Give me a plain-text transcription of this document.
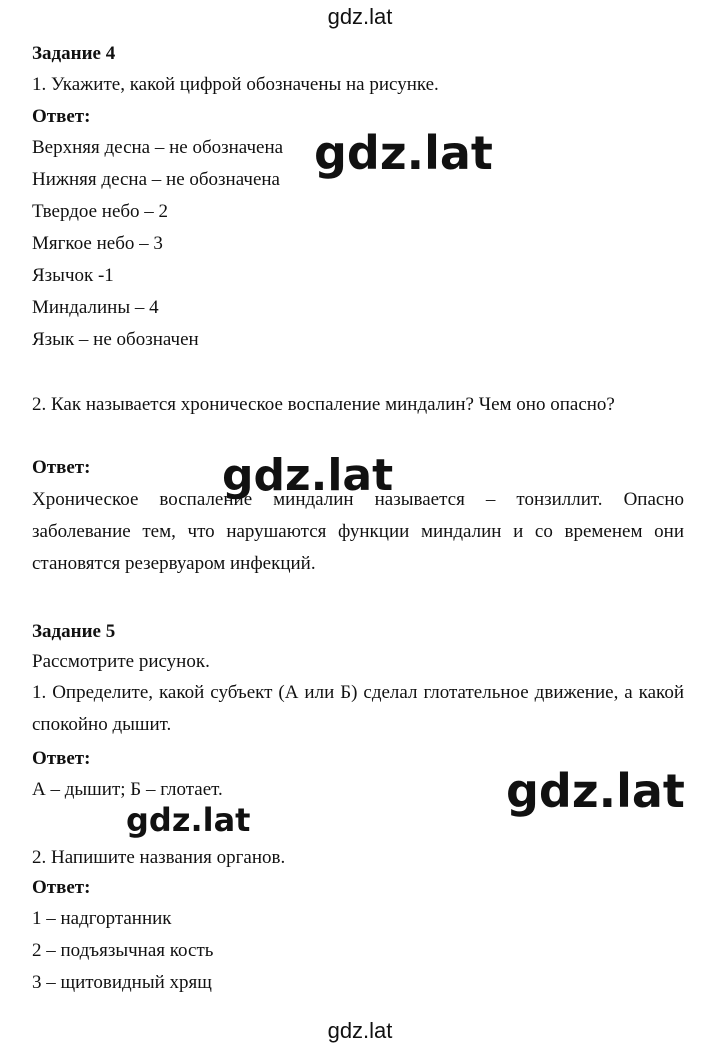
gdz.lat
Задание 4
1. Укажите, какой цифрой обозначены на рисунке.
Ответ:
Верхняя десна – не обозначена
Нижняя десна – не обозначена
Твердое небо – 2
Мягкое небо – 3
Язычок -1
Миндалины – 4
Язык – не обозначен
2. Как называется хроническое воспаление миндалин? Чем оно опасно?
Ответ:
Хроническое воспаление миндалин называется – тонзиллит. Опасно заболевание тем, что нарушаются функции миндалин и со временем они становятся резервуаром инфекций.
Задание 5
Рассмотрите рисунок.
1. Определите, какой субъект (А или Б) сделал глотательное движение, а какой спокойно дышит.
Ответ:
А – дышит; Б – глотает.
2. Напишите названия органов.
Ответ:
1 – надгортанник
2 – подъязычная кость
3 – щитовидный хрящ
gdz.lat
gdz.lat
gdz.lat
gdz.lat
gdz.lat
